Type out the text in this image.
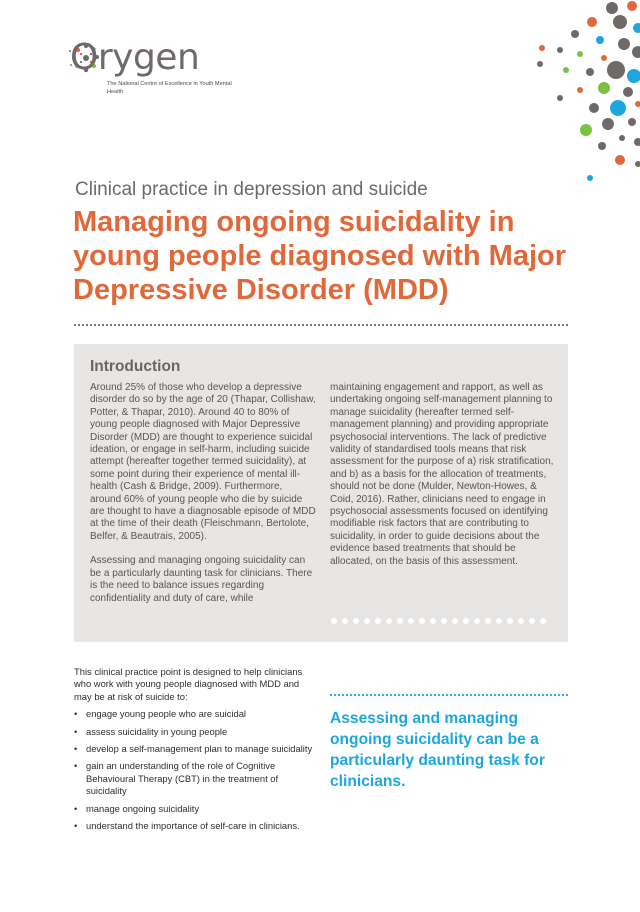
Orygen
The National Centre of Excellence in Youth Mental Health
Clinical practice in depression and suicide
Managing ongoing suicidality in young people diagnosed with Major Depressive Disorder (MDD)
Introduction

Around 25% of those who develop a depressive disorder do so by the age of 20 (Thapar, Collishaw, Potter, & Thapar, 2010). Around 40 to 80% of young people diagnosed with Major Depressive Disorder (MDD) are thought to experience suicidal ideation, or engage in self-harm, including suicide attempt (hereafter together termed suicidality), at some point during their experience of mental ill-health (Cash & Bridge, 2009). Furthermore, around 60% of young people who die by suicide are thought to have a diagnosable episode of MDD at the time of their death (Fleischmann, Bertolote, Belfer, & Beautrais, 2005).

Assessing and managing ongoing suicidality can be a particularly daunting task for clinicians. There is the need to balance issues regarding confidentiality and duty of care, while

maintaining engagement and rapport, as well as undertaking ongoing self-management planning to manage suicidality (hereafter termed self-management planning) and providing appropriate psychosocial interventions. The lack of predictive validity of standardised tools means that risk assessment for the purpose of a) risk stratification, and b) as a basis for the allocation of treatments, should not be done (Mulder, Newton-Howes, & Coid, 2016). Rather, clinicians need to engage in psychosocial assessments focused on identifying modifiable risk factors that are contributing to suicidality, in order to guide decisions about the evidence based treatments that should be allocated, on the basis of this assessment.

This clinical practice point is designed to help clinicians who work with young people diagnosed with MDD and may be at risk of suicide to:

• engage young people who are suicidal
• assess suicidality in young people
• develop a self-management plan to manage suicidality
• gain an understanding of the role of Cognitive Behavioural Therapy (CBT) in the treatment of suicidality
• manage ongoing suicidality
• understand the importance of self-care in clinicians.
Assessing and managing ongoing suicidality can be a particularly daunting task for clinicians.
